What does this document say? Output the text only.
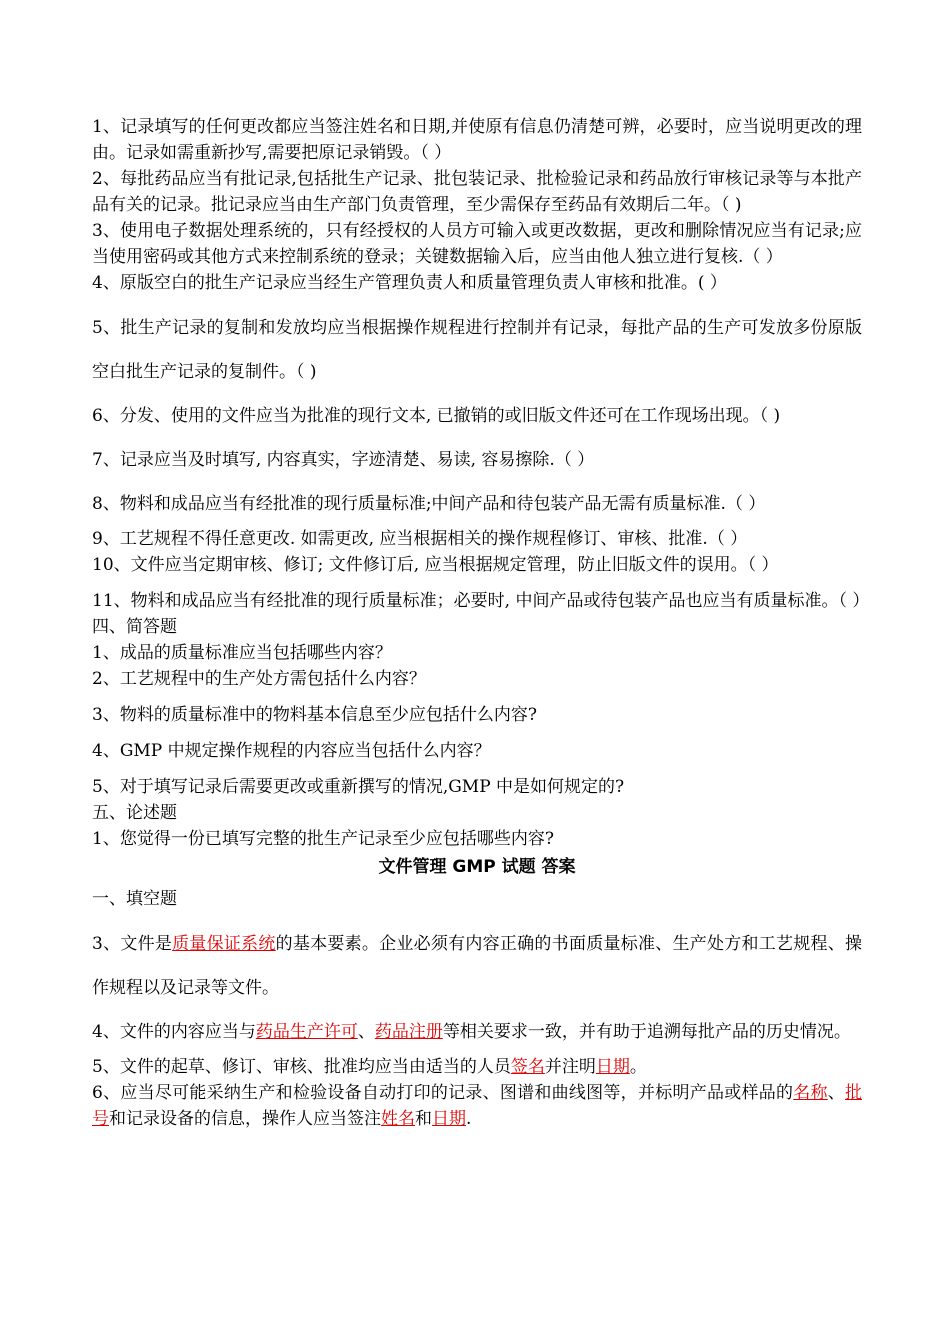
1、记录填写的任何更改都应当签注姓名和日期,并使原有信息仍清楚可辨，必要时，应当说明更改的理由。记录如需重新抄写,需要把原记录销毁。（ ）

2、每批药品应当有批记录,包括批生产记录、批包装记录、批检验记录和药品放行审核记录等与本批产品有关的记录。批记录应当由生产部门负责管理，至少需保存至药品有效期后二年。（ )

3、使用电子数据处理系统的，只有经授权的人员方可输入或更改数据，更改和删除情况应当有记录;应当使用密码或其他方式来控制系统的登录；关键数据输入后，应当由他人独立进行复核.（ ）

4、原版空白的批生产记录应当经生产管理负责人和质量管理负责人审核和批准。( ）

5、批生产记录的复制和发放均应当根据操作规程进行控制并有记录，每批产品的生产可发放多份原版空白批生产记录的复制件。（ )

6、分发、使用的文件应当为批准的现行文本, 已撤销的或旧版文件还可在工作现场出现。（ )

7、记录应当及时填写, 内容真实，字迹清楚、易读, 容易擦除.（ ）

8、物料和成品应当有经批准的现行质量标准;中间产品和待包装产品无需有质量标准.（ ）

9、工艺规程不得任意更改. 如需更改, 应当根据相关的操作规程修订、审核、批准.（ ）

10、文件应当定期审核、修订; 文件修订后, 应当根据规定管理，防止旧版文件的误用。（ ）

11、物料和成品应当有经批准的现行质量标准；必要时, 中间产品或待包装产品也应当有质量标准。（ ）

四、简答题

1、成品的质量标准应当包括哪些内容？

2、工艺规程中的生产处方需包括什么内容？

3、物料的质量标准中的物料基本信息至少应包括什么内容?

4、GMP 中规定操作规程的内容应当包括什么内容？

5、对于填写记录后需要更改或重新撰写的情况,GMP 中是如何规定的?

五、论述题

1、您觉得一份已填写完整的批生产记录至少应包括哪些内容?

文件管理 GMP 试题 答案

一、填空题

3、文件是质量保证系统的基本要素。企业必须有内容正确的书面质量标准、生产处方和工艺规程、操作规程以及记录等文件。

4、文件的内容应当与药品生产许可、药品注册等相关要求一致，并有助于追溯每批产品的历史情况。

5、文件的起草、修订、审核、批准均应当由适当的人员签名并注明日期。

6、应当尽可能采纳生产和检验设备自动打印的记录、图谱和曲线图等，并标明产品或样品的名称、批号和记录设备的信息，操作人应当签注姓名和日期.
